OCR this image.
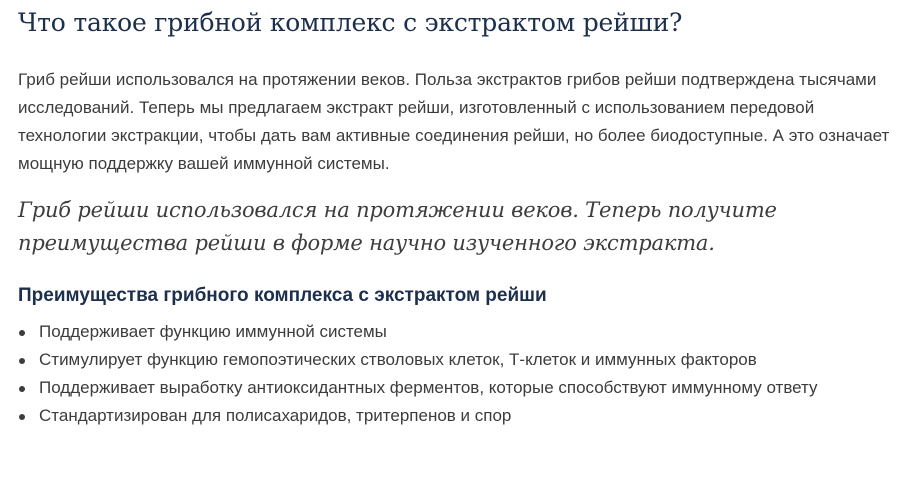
Что такое грибной комплекс с экстрактом рейши?

Гриб рейши использовался на протяжении веков. Польза экстрактов грибов рейши подтверждена тысячами исследований. Теперь мы предлагаем экстракт рейши, изготовленный с использованием передовой технологии экстракции, чтобы дать вам активные соединения рейши, но более биодоступные. А это означает мощную поддержку вашей иммунной системы.

Гриб рейши использовался на протяжении веков. Теперь получите преимущества рейши в форме научно изученного экстракта.

Преимущества грибного комплекса с экстрактом рейши
Поддерживает функцию иммунной системы
Стимулирует функцию гемопоэтических стволовых клеток, Т-клеток и иммунных факторов
Поддерживает выработку антиоксидантных ферментов, которые способствуют иммунному ответу
Стандартизирован для полисахаридов, тритерпенов и спор
